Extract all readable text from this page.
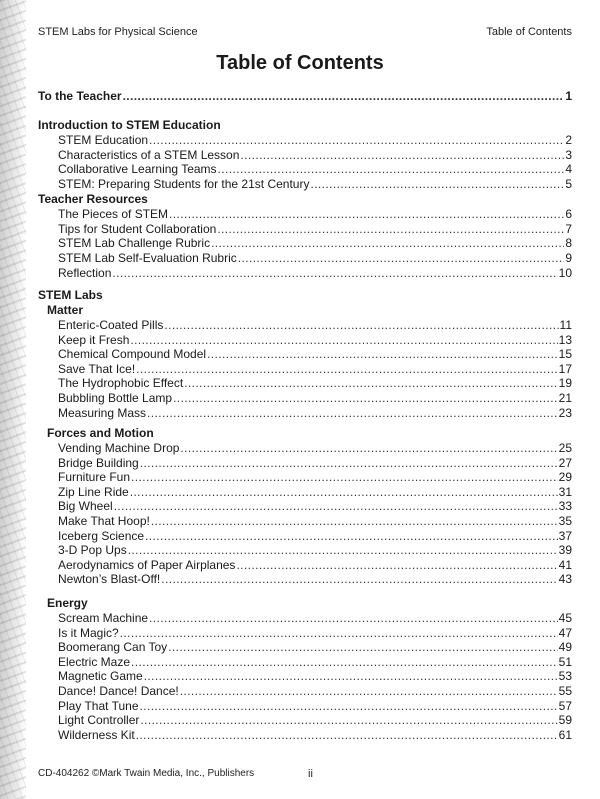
STEM Labs for Physical Science	Table of Contents
Table of Contents
To the Teacher .....	1
Introduction to STEM Education
STEM Education .....	2
Characteristics of a STEM Lesson .....	3
Collaborative Learning Teams .....	4
STEM: Preparing Students for the 21st Century .....	5
Teacher Resources
The Pieces of STEM .....	6
Tips for Student Collaboration .....	7
STEM Lab Challenge Rubric .....	8
STEM Lab Self-Evaluation Rubric .....	9
Reflection .....	10
STEM Labs
Matter
Enteric-Coated Pills .....	11
Keep it Fresh .....	13
Chemical Compound Model .....	15
Save That Ice! .....	17
The Hydrophobic Effect .....	19
Bubbling Bottle Lamp .....	21
Measuring Mass .....	23
Forces and Motion
Vending Machine Drop .....	25
Bridge Building .....	27
Furniture Fun .....	29
Zip Line Ride .....	31
Big Wheel .....	33
Make That Hoop! .....	35
Iceberg Science .....	37
3-D Pop Ups .....	39
Aerodynamics of Paper Airplanes .....	41
Newton’s Blast-Off! .....	43
Energy
Scream Machine .....	45
Is it Magic? .....	47
Boomerang Can Toy .....	49
Electric Maze .....	51
Magnetic Game .....	53
Dance! Dance! Dance! .....	55
Play That Tune .....	57
Light Controller .....	59
Wilderness Kit .....	61
CD-404262 ©Mark Twain Media, Inc., Publishers	ii
